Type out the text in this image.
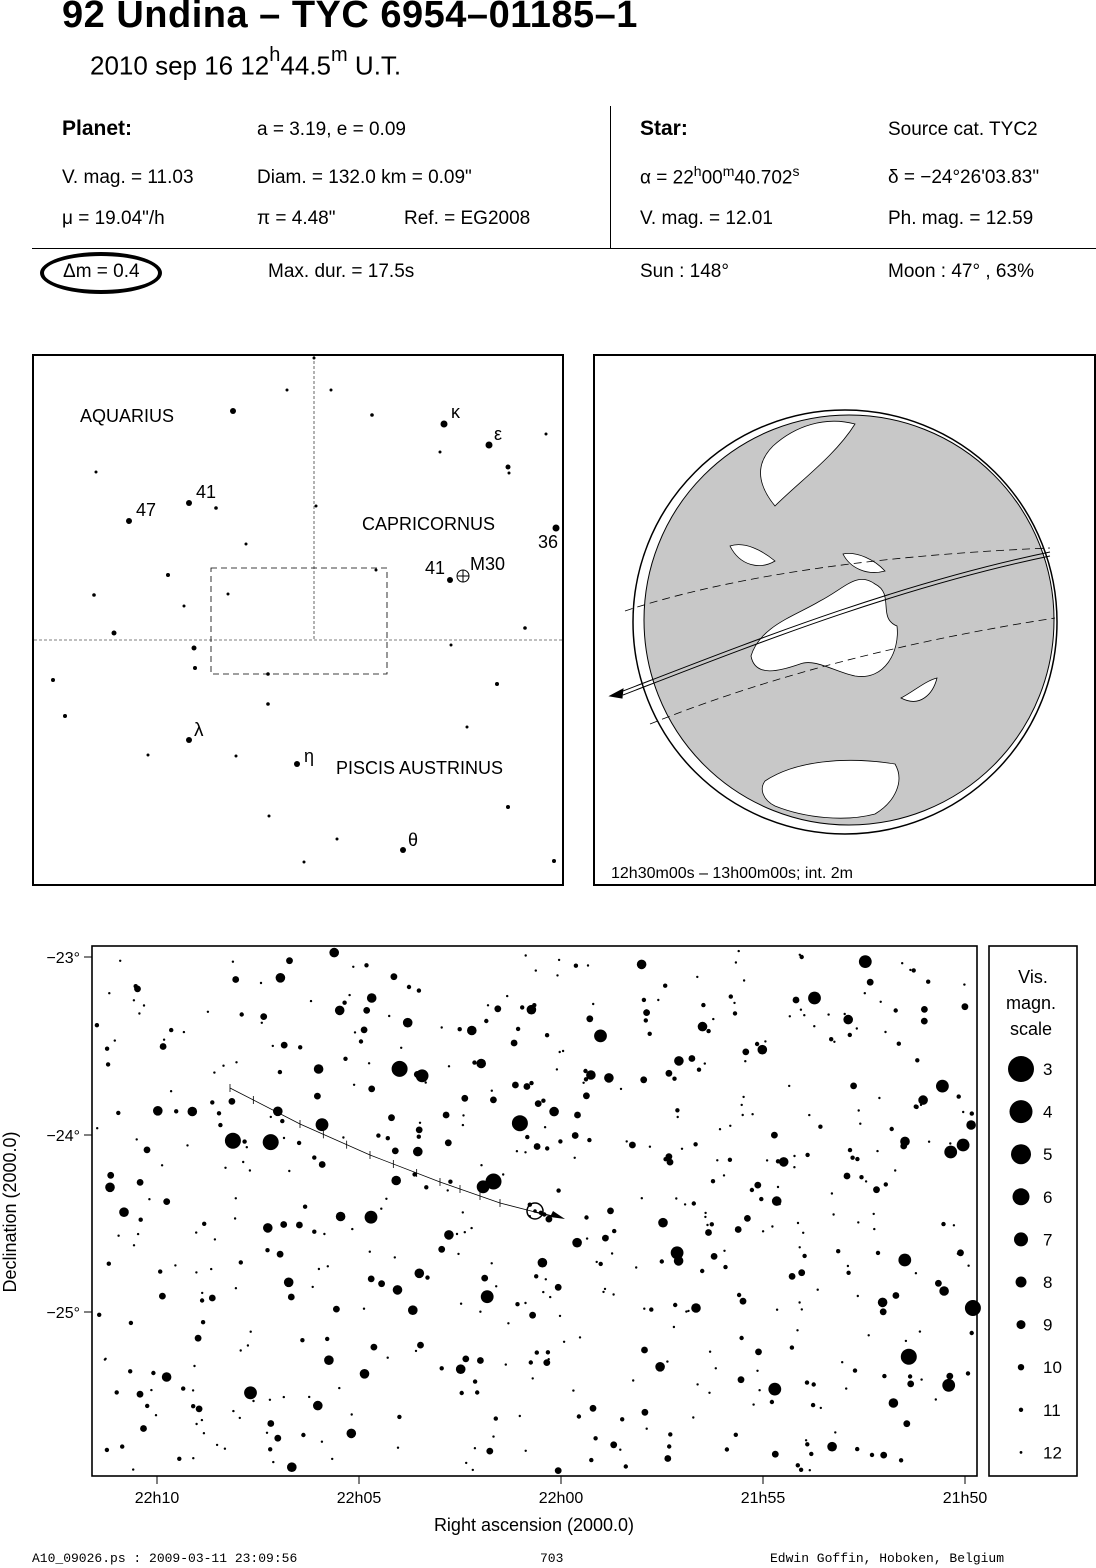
92 Undina – TYC 6954–01185–1
2010 sep 16 12$^h$44.5$^m$ U.T.
Planet:	a = 3.19, e = 0.09
V. mag. = 11.03	Diam. = 132.0 km = 0.09"
μ = 19.04"/h	π = 4.48"	Ref. = EG2008
Star:	Source cat. TYC2
$\alpha = 22^h00^m40.702^s$	δ = −24°26'03.83"
V. mag. = 12.01	Ph. mag. = 12.59
Δm = 0.4	Max. dur. = 17.5s	Sun : 148°	Moon : 47° , 63%
AQUARIUS
CAPRICORNUS
PISCIS AUSTRINUS
κ
ε
λ
η
θ
47
41
41
36
M30
12h30m00s – 13h00m00s; int. 2m
−23°
−24°
−25°
Declination (2000.0)
22h10	22h05	22h00	21h55	21h50
Right ascension (2000.0)
Vis.
magn.
scale
3
4
5
6
7
8
9
10
11
12
A10_09026.ps : 2009-03-11 23:09:56	703	Edwin Goffin, Hoboken, Belgium
